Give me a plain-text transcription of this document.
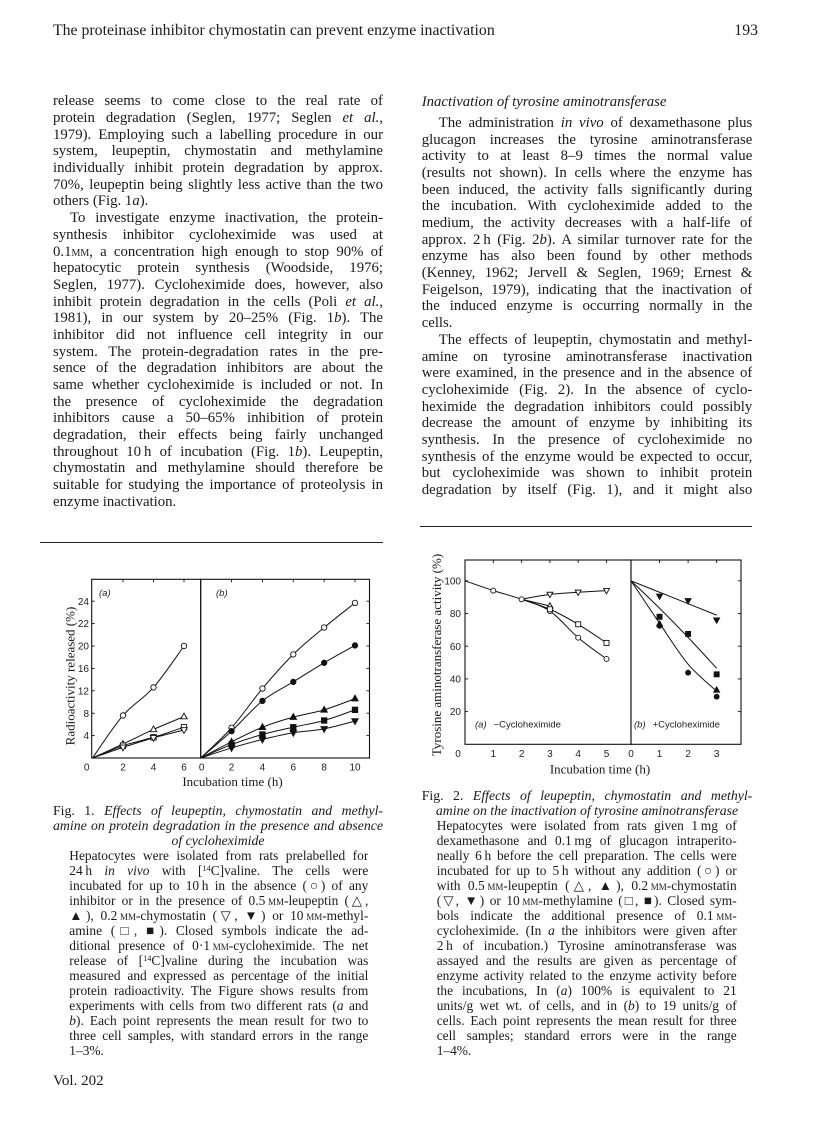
The proteinase inhibitor chymostatin can prevent enzyme inactivation	193
release seems to come close to the real rate of
protein degradation (Seglen, 1977; Seglen et al.,
1979). Employing such a labelling procedure in our
system, leupeptin, chymostatin and methylamine
individually inhibit protein degradation by approx.
70%, leupeptin being slightly less active than the two
others (Fig. 1a).
To investigate enzyme inactivation, the protein-
synthesis inhibitor cycloheximide was used at
0.1mm, a concentration high enough to stop 90% of
hepatocytic protein synthesis (Woodside, 1976;
Seglen, 1977). Cycloheximide does, however, also
inhibit protein degradation in the cells (Poli et al.,
1981), in our system by 20–25% (Fig. 1b). The
inhibitor did not influence cell integrity in our
system. The protein-degradation rates in the pre-
sence of the degradation inhibitors are about the
same whether cycloheximide is included or not. In
the presence of cycloheximide the degradation
inhibitors cause a 50–65% inhibition of protein
degradation, their effects being fairly unchanged
throughout 10 h of incubation (Fig. 1b). Leupeptin,
chymostatin and methylamine should therefore be
suitable for studying the importance of proteolysis in
enzyme inactivation.
Inactivation of tyrosine aminotransferase
The administration in vivo of dexamethasone plus
glucagon increases the tyrosine aminotransferase
activity to at least 8–9 times the normal value
(results not shown). In cells where the enzyme has
been induced, the activity falls significantly during
the incubation. With cycloheximide added to the
medium, the activity decreases with a half-life of
approx. 2 h (Fig. 2b). A similar turnover rate for the
enzyme has also been found by other methods
(Kenney, 1962; Jervell & Seglen, 1969; Ernest &
Feigelson, 1979), indicating that the inactivation of
the induced enzyme is occurring normally in the
cells.
The effects of leupeptin, chymostatin and methyl-
amine on tyrosine aminotransferase inactivation
were examined, in the presence and in the absence of
cycloheximide (Fig. 2). In the absence of cyclo-
heximide the degradation inhibitors could possibly
decrease the amount of enzyme by inhibiting its
synthesis. In the presence of cycloheximide no
synthesis of the enzyme would be expected to occur,
but cycloheximide was shown to inhibit protein
degradation by itself (Fig. 1), and it might also
4
8
12
16
20
22
24
0	2 4 6 0 2	4	6	8 10
Incubation time (h)
Radioactivity released (%)
(a)	(b)
Fig. 1. Effects of leupeptin, chymostatin and methyl-
amine on protein degradation in the presence and absence
of cycloheximide
Hepatocytes were isolated from rats prelabelled for
24 h in vivo with [$^{14}$C]valine. The cells were
incubated for up to 10 h in the absence (○) of any
inhibitor or in the presence of 0.5 mm-leupeptin (△,
▲), 0.2 mm-chymostatin (▽, ▼) or 10 mm-methyl-
amine (□, ■). Closed symbols indicate the ad-
ditional presence of 0·1 mm-cycloheximide. The net
release of [$^{14}$C]valine during the incubation was
measured and expressed as percentage of the initial
protein radioactivity. The Figure shows results from
experiments with cells from two different rats (a and
b). Each point represents the mean result for two to
three cell samples, with standard errors in the range
1–3%.
20
40
60
80
100
0	1 2 3 4 5 0 1 2 3
Incubation time (h)
Tyrosine aminotransferase activity (%)	(a) −Cycloheximide	(b) +Cycloheximide
Fig. 2. Effects of leupeptin, chymostatin and methyl-
amine on the inactivation of tyrosine aminotransferase
Hepatocytes were isolated from rats given 1 mg of
dexamethasone and 0.1 mg of glucagon intraperito-
neally 6 h before the cell preparation. The cells were
incubated for up to 5 h without any addition (○) or
with 0.5 mm-leupeptin (△, ▲), 0.2 mm-chymostatin
(▽, ▼) or 10 mm-methylamine (□, ■). Closed sym-
bols indicate the additional presence of 0.1 mm-
cycloheximide. (In a the inhibitors were given after
2 h of incubation.) Tyrosine aminotransferase was
assayed and the results are given as percentage of
enzyme activity related to the enzyme activity before
the incubations, In (a) 100% is equivalent to 21
units/g wet wt. of cells, and in (b) to 19 units/g of
cells. Each point represents the mean result for three
cell samples; standard errors were in the range
1–4%.
Vol. 202
